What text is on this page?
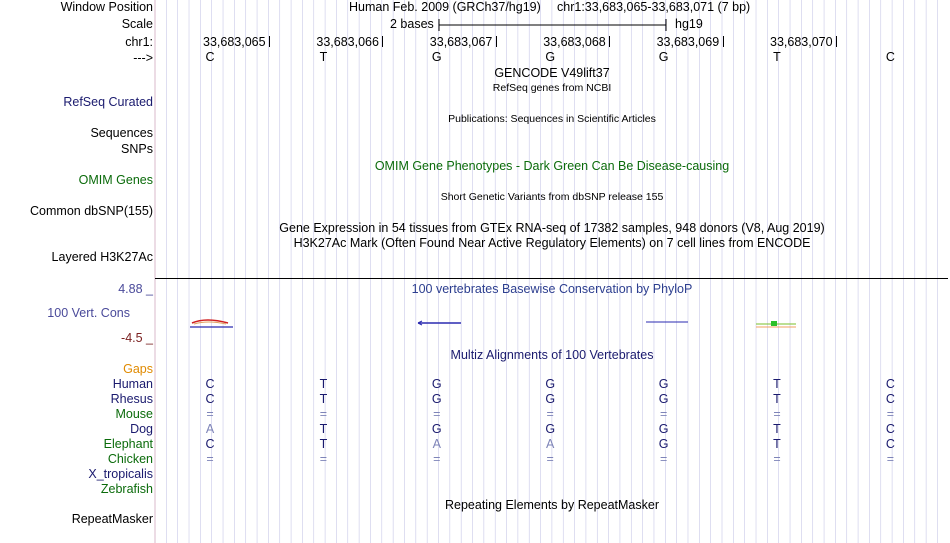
Window Position	Human Feb. 2009 (GRCh37/hg19) chr1:33,683,065-33,683,071 (7 bp)
Scale	2 bases	hg19
chr1:	33,683,065	33,683,066	33,683,067	33,683,068	33,683,069	33,683,070
--->	C	T	G	G	G	T	C
GENCODE V49lift37
RefSeq genes from NCBI
RefSeq Curated
Publications: Sequences in Scientific Articles
Sequences
SNPs
OMIM Gene Phenotypes - Dark Green Can Be Disease-causing
OMIM Genes
Short Genetic Variants from dbSNP release 155
Common dbSNP(155)
Gene Expression in 54 tissues from GTEx RNA-seq of 17382 samples, 948 donors (V8, Aug 2019)
H3K27Ac Mark (Often Found Near Active Regulatory Elements) on 7 cell lines from ENCODE
Layered H3K27Ac
4.88 _	100 vertebrates Basewise Conservation by PhyloP
100 Vert. Cons
-4.5 _
Multiz Alignments of 100 Vertebrates
Gaps
Human	C	T	G	G	G	T	C
Rhesus	C	T	G	G	G	T	C
Mouse	=	=	=	=	=	=	=
Dog	A	T	G	G	G	T	C
Elephant	C	T	A	A	G	T	C
Chicken	=	=	=	=	=	=	=
X_tropicalis
Zebrafish
Repeating Elements by RepeatMasker
RepeatMasker
